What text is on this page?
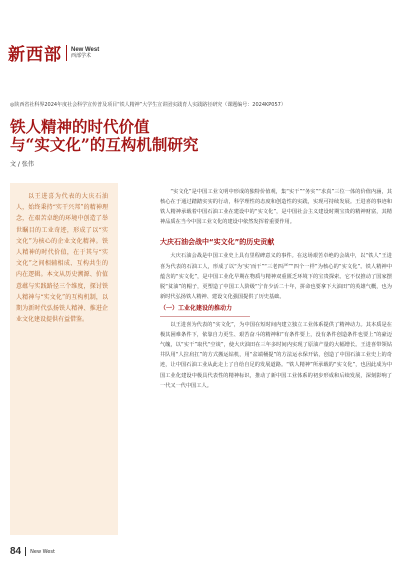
新西部 New West
西部学术
◎陕西省社科界2024年度社会科学宣传普及项目“铁人精神”大学生宣讲团实践育人实践路径研究（课题编号：2024KP057）
铁人精神的时代价值
与“实文化”的互构机制研究
文 / 张伟
以王进喜为代表的大庆石油人，始终秉持“实干兴邦”的精神理念，在艰苦卓绝的环境中创造了举世瞩目的工业奇迹，形成了以“实文化”为核心的企业文化精神。铁人精神的时代价值，在于其与“实文化”之间相辅相成、互构共生的内在逻辑。本文从历史溯源、价值意蕴与实践路径三个维度，探讨铁人精神与“实文化”的互构机制，以期为新时代弘扬铁人精神、推进企业文化建设提供有益借鉴。

“实文化”是中国工业文明中形成的独特价值观，集“实干”“务实”“求真”三位一体的价值内涵，其核心在于通过踏踏实实的行动，科学理性的态度和创造性的实践，实现可持续发展。王进喜的事迹和铁人精神承载着中国石油工业在建设中的“实文化”，是中国社会主义建设时期宝贵的精神财富，其精神品质在当今中国工业文化的建设中依然发挥着重要作用。

大庆石油会战中“实文化”的历史贡献

大庆石油会战是中国工业史上具有里程碑意义的事件。在这场艰苦卓绝的会战中，以“铁人”王进喜为代表的石油工人，形成了以“为‘实’而干”“三老四严”“四个一样”为核心的“实文化”。铁人精神中蕴含的“实文化”，是中国工业化早期在物质与精神双重匮乏环境下的宝贵探索。它不仅推动了国家摆脱“贫油”的帽子，更塑造了中国工人阶级“宁肯少活二十年，拼命也要拿下大油田”的英雄气概，也为新时代弘扬铁人精神、建设文化强国提供了历史基础。

（一）工业化建设的推动力

以王进喜为代表的“实文化”，为中国在短时间内建立独立工业体系提供了精神动力。其本质是在极其困难条件下，依靠自力更生、艰苦奋斗的精神和“有条件要上，没有条件创造条件也要上”的豪迈气魄，以“实干”取代“空谈”，使大庆油田在三年多时间内实现了原油产量的大幅增长。王进喜带领钻井队用“人拉肩扛”的方式搬运钻机，用“盆端桶提”的方法运水保开钻，创造了中国石油工业史上的奇迹，让中国石油工业从此走上了自给自足的发展道路。“铁人精神”所承载的“实文化”，也因此成为中国工业化建设中极具代表性的精神标识，推动了新中国工业体系的初步形成和后续发展，深刻影响了一代又一代中国工人。

84 New West
